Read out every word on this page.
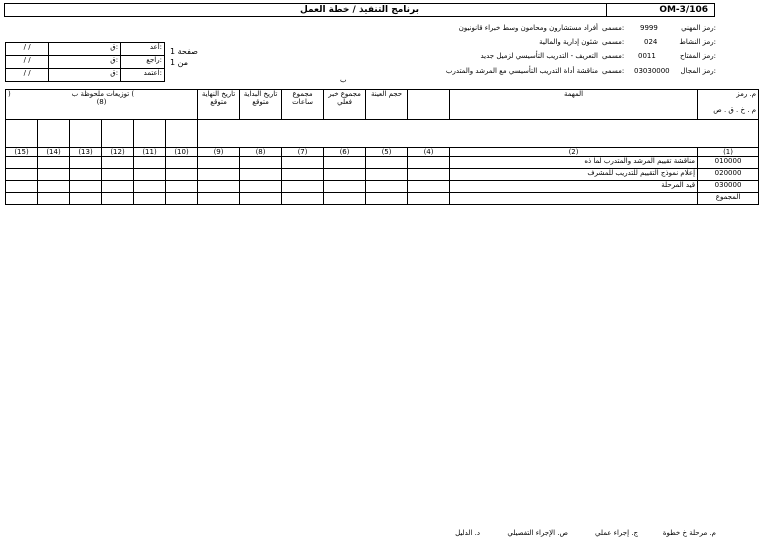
OM-3/106
برنامج التنفيذ / خطة العمل
رمز المهني:
9999
مسمى:
أفراد مستشارون ومحامون وسط خبراء قانونيون
رمز النشاط:
024
مسمى:
شئون إدارية والمالية
رمز المفتاح:
0011
مسمى:
التعريف - التدريب التأسيسي لزميل جديد
رمز المجال:
03030000
مسمى:
مناقشة أداة التدريب التأسيسي مع المرشد والمتدرب
صفحة 1
من 1
ب
/ /	ق:	أعد:
/ /	ق:	راجع:
/ /	ق:	اعتمد:
) توزيعات ملحوظة ب (
(8)						تاريخ النهاية متوقع	تاريخ البداية متوقع	مجموع ساعات	مجموع خبر فعلي	حجم العينة		المهمة	م. رمز

م . خ . ق . ص

(15)	(14)	(13)	(12)	(11)	(10)	(9)	(8)	(7)	(6)	(5)	(4)	(2)	(1)
												مناقشة تقييم المرشد والمتدرب لما ذه	010000
												إعلام نموذج التقييم للتدريب للمشرف	020000
												قيد المرحلة	030000
													المجموع
م. مرحلة خ خطوة
ج. إجراء عملي
ص. الإجراء التفصيلي
د. الدليل
